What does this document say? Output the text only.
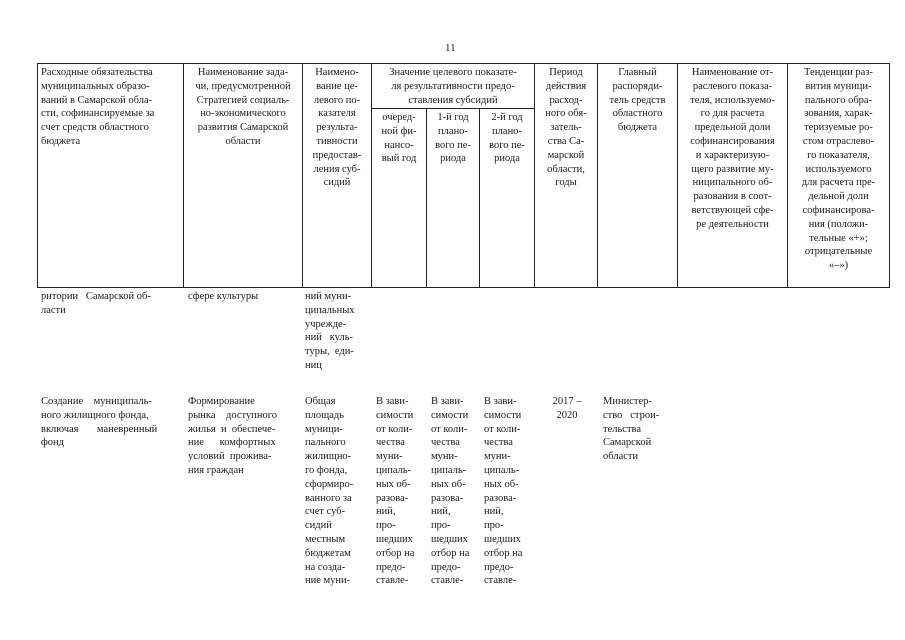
11
Расходные обязательства
муниципальных образо-
ваний в Самарской обла-
сти, софинансируемые за
счет средств областного
бюджета
Наименование зада-
чи, предусмотренной
Стратегией социаль-
но-экономического
развития Самарской
области
Наимено-
вание це-
левого по-
казателя
результа-
тивности
предостав-
ления суб-
сидий
Значение целевого показате-
ля результативности предо-
ставления субсидий
очеред-
ной фи-
нансо-
вый год
1-й год
плано-
вого пе-
риода
2-й год
плано-
вого пе-
риода
Период
действия
расход-
ного обя-
затель-
ства Са-
марской
области,
годы
Главный
распоряди-
тель средств
областного
бюджета
Наименование от-
раслевого показа-
теля, используемо-
го для расчета
предельной доли
софинансирования
и характеризую-
щего развитие му-
ниципального об-
разования в соот-
ветствующей сфе-
ре деятельности
Тенденции раз-
вития муници-
пального обра-
зования, харак-
теризуемые ро-
стом отраслево-
го показателя,
используемого
для расчета пре-
дельной доли
софинансирова-
ния (положи-
тельные «+»;
отрицательные
«–»)
ритории   Самарской об-
ласти
сфере культуры	ний муни-
ципальных
учрежде-
ний   куль-
туры,  еди-
ниц
Создание    муниципаль-
ного жилищного фонда,
включая       маневренный
фонд
Формирование
рынка    доступного
жилья  и  обеспече-
ние      комфортных
условий  прожива-
ния граждан
Общая
площадь
муници-
пального
жилищно-
го фонда,
сформиро-
ванного за
счет суб-
сидий
местным
бюджетам
на созда-
ние муни-
В зави-
симости
от коли-
чества
муни-
ципаль-
ных об-
разова-
ний,
про-
шедших
отбор на
предо-
ставле-
В зави-
симости
от коли-
чества
муни-
ципаль-
ных об-
разова-
ний,
про-
шедших
отбор на
предо-
ставле-
В зави-
симости
от коли-
чества
муни-
ципаль-
ных об-
разова-
ний,
про-
шедших
отбор на
предо-
ставле-
2017 –
2020
Министер-
ство   строи-
тельства
Самарской
области
